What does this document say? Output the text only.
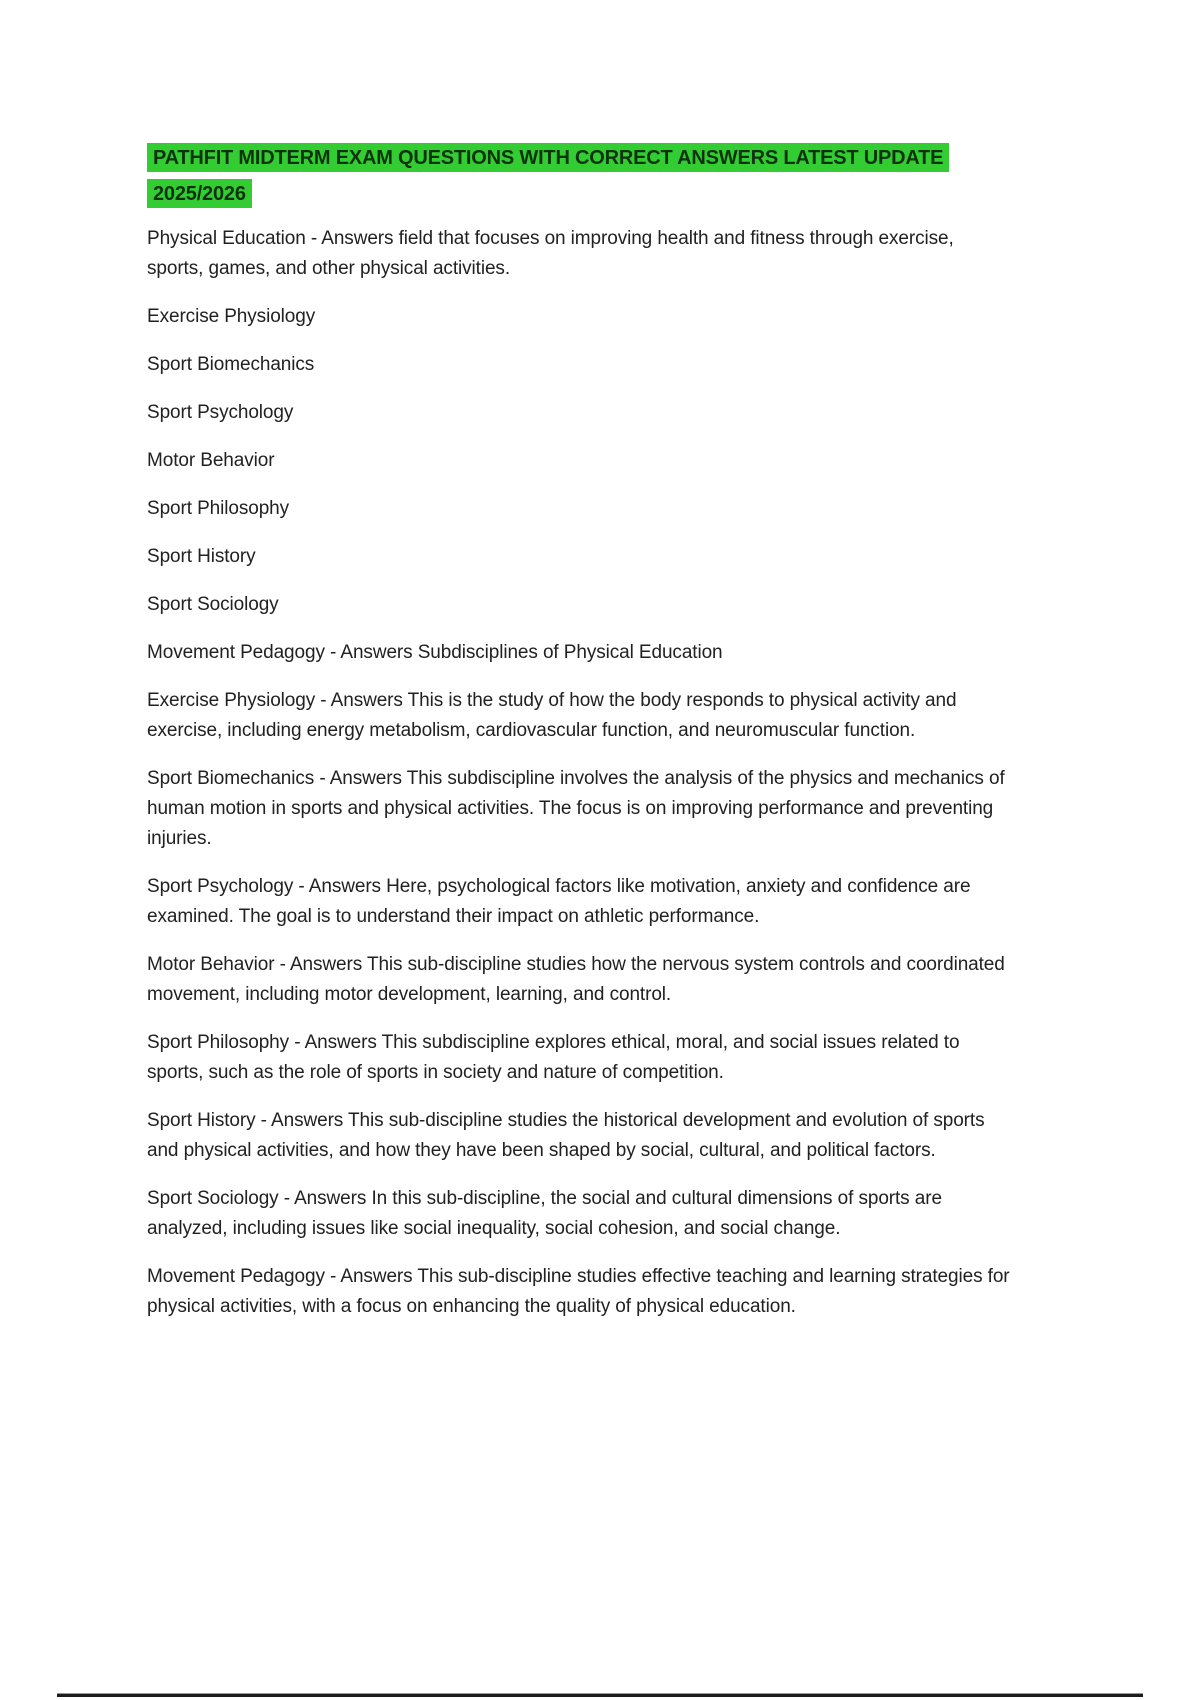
PATHFIT MIDTERM EXAM QUESTIONS WITH CORRECT ANSWERS LATEST UPDATE 2025/2026

Physical Education - Answers field that focuses on improving health and fitness through exercise, sports, games, and other physical activities.

Exercise Physiology

Sport Biomechanics

Sport Psychology

Motor Behavior

Sport Philosophy

Sport History

Sport Sociology

Movement Pedagogy - Answers Subdisciplines of Physical Education

Exercise Physiology - Answers This is the study of how the body responds to physical activity and exercise, including energy metabolism, cardiovascular function, and neuromuscular function.

Sport Biomechanics - Answers This subdiscipline involves the analysis of the physics and mechanics of human motion in sports and physical activities. The focus is on improving performance and preventing injuries.

Sport Psychology - Answers Here, psychological factors like motivation, anxiety and confidence are examined. The goal is to understand their impact on athletic performance.

Motor Behavior - Answers This sub-discipline studies how the nervous system controls and coordinated movement, including motor development, learning, and control.

Sport Philosophy - Answers This subdiscipline explores ethical, moral, and social issues related to sports, such as the role of sports in society and nature of competition.

Sport History - Answers This sub-discipline studies the historical development and evolution of sports and physical activities, and how they have been shaped by social, cultural, and political factors.

Sport Sociology - Answers In this sub-discipline, the social and cultural dimensions of sports are analyzed, including issues like social inequality, social cohesion, and social change.

Movement Pedagogy - Answers This sub-discipline studies effective teaching and learning strategies for physical activities, with a focus on enhancing the quality of physical education.
